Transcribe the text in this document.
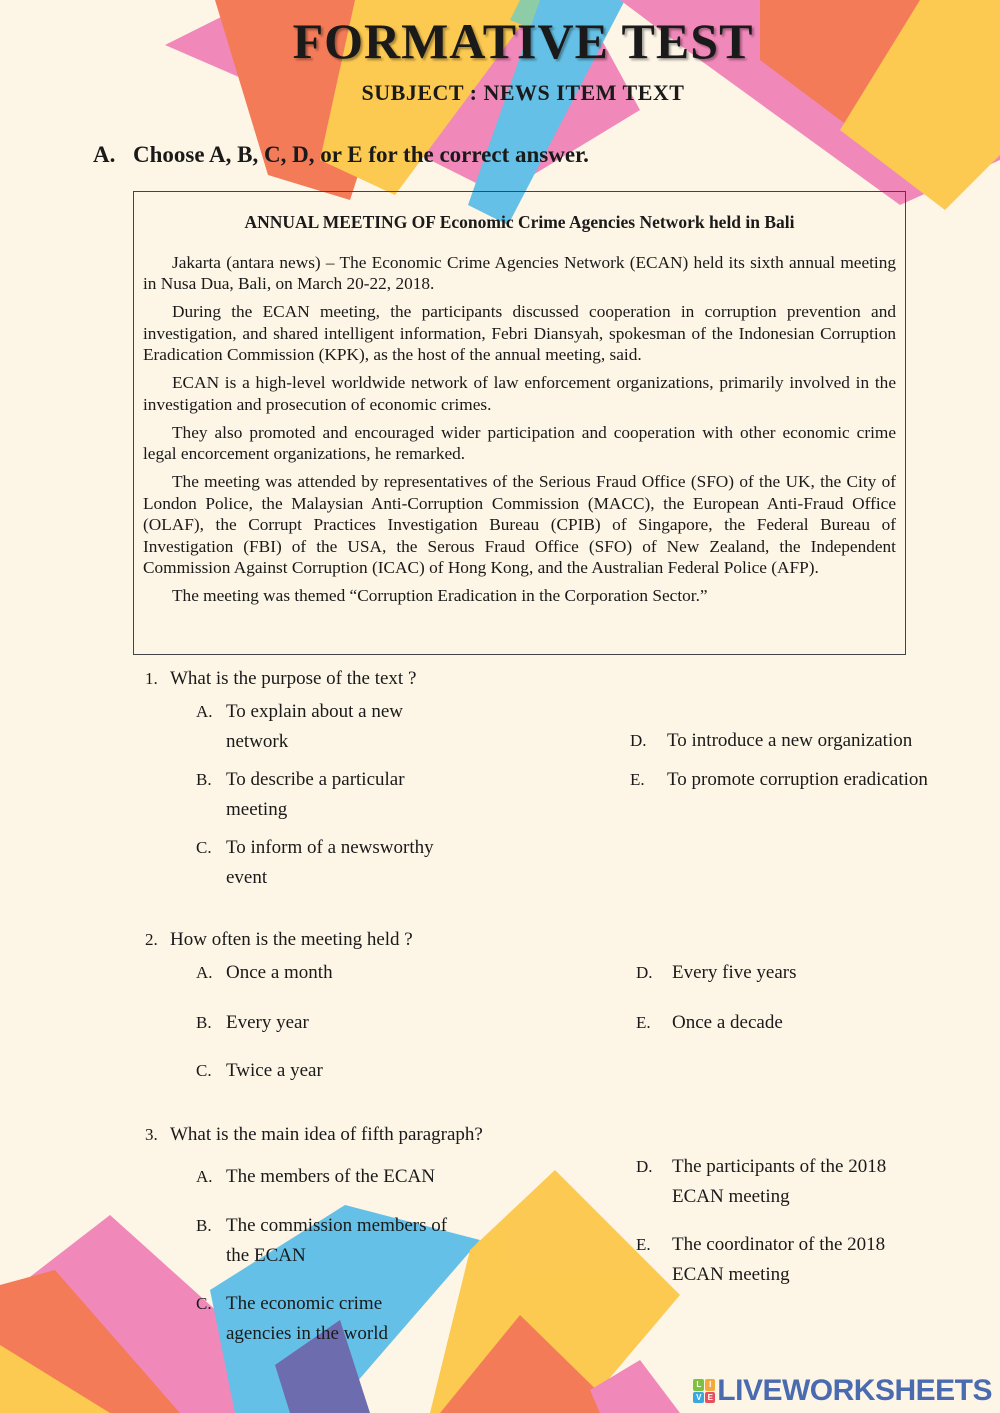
FORMATIVE TEST
SUBJECT : NEWS ITEM TEXT
A. Choose A, B, C, D, or E for the correct answer.
ANNUAL MEETING OF Economic Crime Agencies Network held in Bali

Jakarta (antara news) – The Economic Crime Agencies Network (ECAN) held its sixth annual meeting in Nusa Dua, Bali, on March 20-22, 2018.

During the ECAN meeting, the participants discussed cooperation in corruption prevention and investigation, and shared intelligent information, Febri Diansyah, spokesman of the Indonesian Corruption Eradication Commission (KPK), as the host of the annual meeting, said.

ECAN is a high-level worldwide network of law enforcement organizations, primarily involved in the investigation and prosecution of economic crimes.

They also promoted and encouraged wider participation and cooperation with other economic crime legal encorcement organizations, he remarked.

The meeting was attended by representatives of the Serious Fraud Office (SFO) of the UK, the City of London Police, the Malaysian Anti-Corruption Commission (MACC), the European Anti-Fraud Office (OLAF), the Corrupt Practices Investigation Bureau (CPIB) of Singapore, the Federal Bureau of Investigation (FBI) of the USA, the Serous Fraud Office (SFO) of New Zealand, the Independent Commission Against Corruption (ICAC) of Hong Kong, and the Australian Federal Police (AFP).

The meeting was themed “Corruption Eradication in the Corporation Sector.”

1. What is the purpose of the text ?
A. To explain about a new network
B. To describe a particular meeting
C. To inform of a newsworthy event
D.	To introduce a new organization
E.	To promote corruption eradication
2. How often is the meeting held ?
A. Once a month
B. Every year
C. Twice a year
D.	Every five years
E.	Once a decade
3. What is the main idea of fifth paragraph?
A. The members of the ECAN
B. The commission members of the ECAN
C. The economic crime agencies in the world
D.	The participants of the 2018 ECAN meeting
E.	The coordinator of the 2018 ECAN meeting
L	I
V E LIVEWORKSHEETS
